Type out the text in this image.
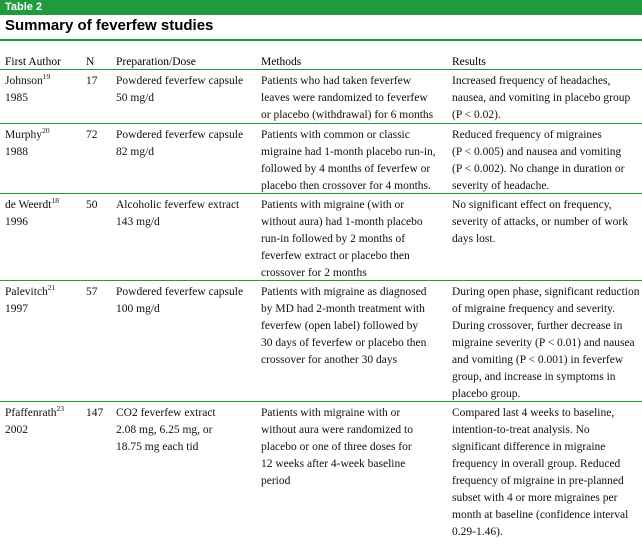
Table 2
Summary of feverfew studies
First Author N Preparation/Dose	Methods	Results
Johnson$^{19}$
1985
17 Powdered feverfew capsule
50 mg/d
Patients who had taken feverfew
leaves were randomized to feverfew
or placebo (withdrawal) for 6 months
Increased frequency of headaches,
nausea, and vomiting in placebo group
(P < 0.02).
Murphy$^{20}$
1988
72 Powdered feverfew capsule
82 mg/d
Patients with common or classic
migraine had 1-month placebo run-in,
followed by 4 months of feverfew or
placebo then crossover for 4 months.
Reduced frequency of migraines
(P < 0.005) and nausea and vomiting
(P < 0.002). No change in duration or
severity of headache.
de Weerdt$^{18}$
1996
50 Alcoholic feverfew extract
143 mg/d
Patients with migraine (with or
without aura) had 1-month placebo
run-in followed by 2 months of
feverfew extract or placebo then
crossover for 2 months
No significant effect on frequency,
severity of attacks, or number of work
days lost.
Palevitch$^{21}$
1997
57 Powdered feverfew capsule
100 mg/d
Patients with migraine as diagnosed
by MD had 2-month treatment with
feverfew (open label) followed by
30 days of feverfew or placebo then
crossover for another 30 days
During open phase, significant reduction
of migraine frequency and severity.
During crossover, further decrease in
migraine severity (P < 0.01) and nausea
and vomiting (P < 0.001) in feverfew
group, and increase in symptoms in
placebo group.
Pfaffenrath$^{23}$
2002
147 CO2 feverfew extract
2.08 mg, 6.25 mg, or
18.75 mg each tid
Patients with migraine with or
without aura were randomized to
placebo or one of three doses for
12 weeks after 4-week baseline
period
Compared last 4 weeks to baseline,
intention-to-treat analysis. No
significant difference in migraine
frequency in overall group. Reduced
frequency of migraine in pre-planned
subset with 4 or more migraines per
month at baseline (confidence interval
0.29-1.46).
